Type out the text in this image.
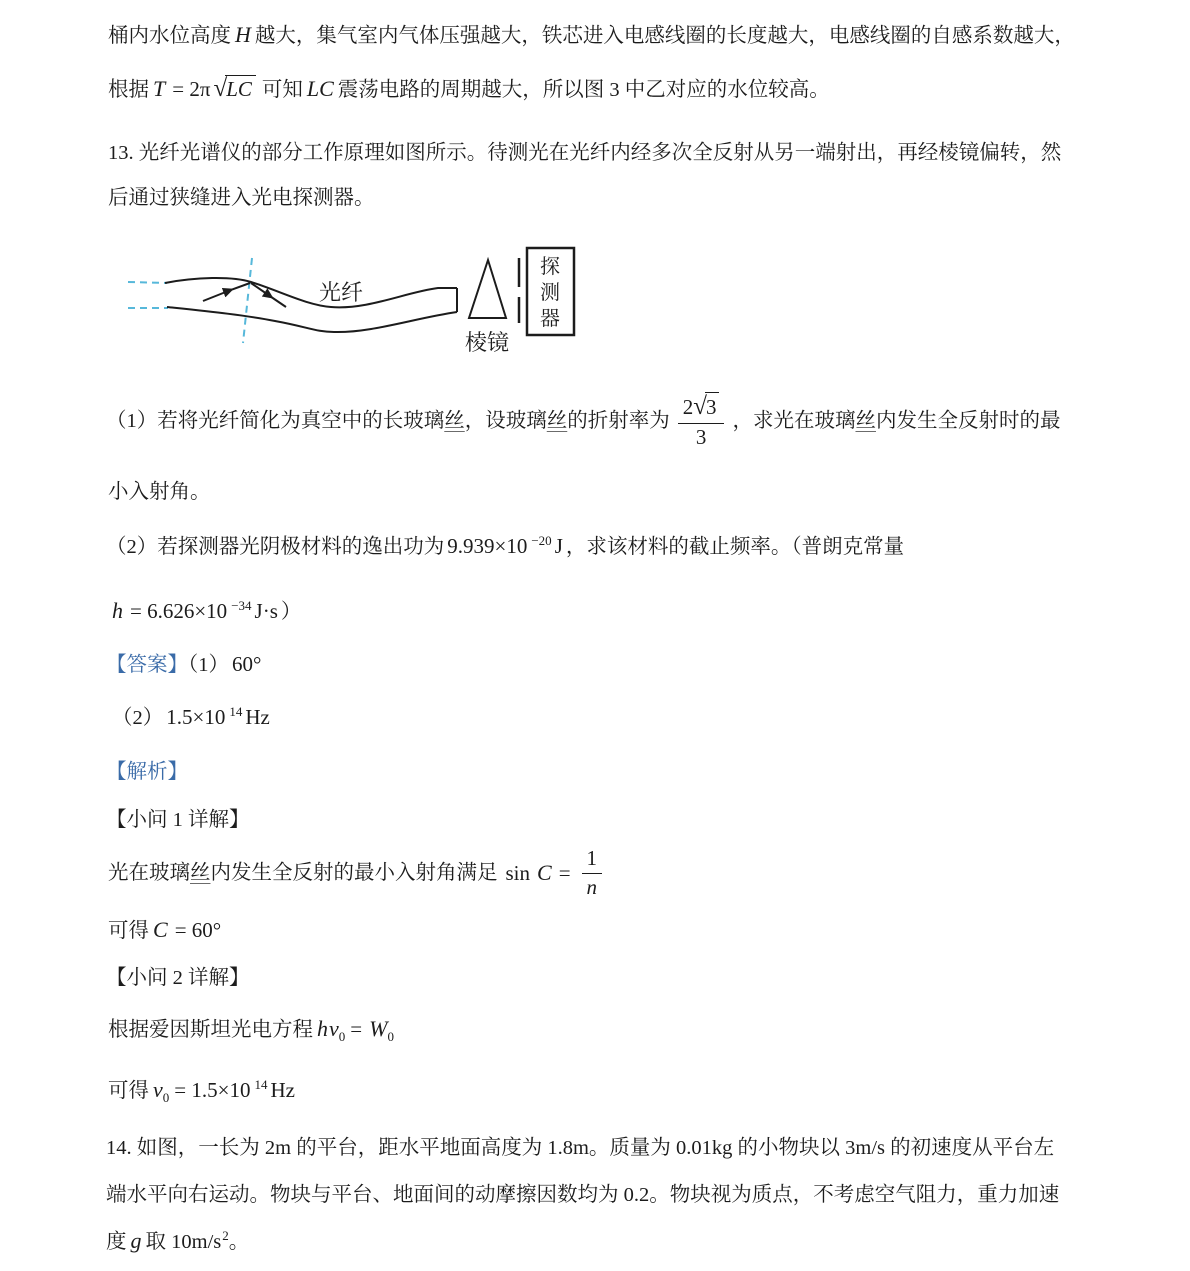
桶内水位高度 H 越大，集气室内气体压强越大，铁芯进入电感线圈的长度越大，电感线圈的自感系数越大，
根据 T = 2π √LC 可知 LC 震荡电路的周期越大，所以图 3 中乙对应的水位较高。
13. 光纤光谱仪的部分工作原理如图所示。待测光在光纤内经多次全反射从另一端射出，再经棱镜偏转，然
后通过狭缝进入光电探测器。
光纤
棱镜
探
测
器
（1）若将光纤简化为真空中的长玻璃 丝 ，设玻璃 丝 的折射率为 $\frac{2 √ 3}{3}$ ，求光在玻璃 丝 内发生全反射时的最
小入射角。
（2）若探测器光阴极材料的逸出功为 9.939×10 $^{-20}$ J ，求该材料的截止频率。（普朗克常量
h = 6.626×10 $^{-34}$ J·s ）
【答案】（1） 60°
（2） 1.5×10 $^{14}$ Hz
【解析】
【小问 1 详解】
光在玻璃 丝 内发生全反射的最小入射角满足 $\sin C = \frac{1}{n}$
可得 C = 60°
【小问 2 详解】
根据爱因斯坦光电方程 $h\nu_0 = W_0$
可得 $\nu_0 = 1.5\times 10$ $^{14}$ Hz
14. 如图，一长为 2m 的平台，距水平地面高度为 1.8m。质量为 0.01kg 的小物块以 3m/s 的初速度从平台左
端水平向右运动。物块与平台、地面间的动摩擦因数均为 0.2。物块视为质点，不考虑空气阻力，重力加速
度 g 取 $10m/s^2$。
